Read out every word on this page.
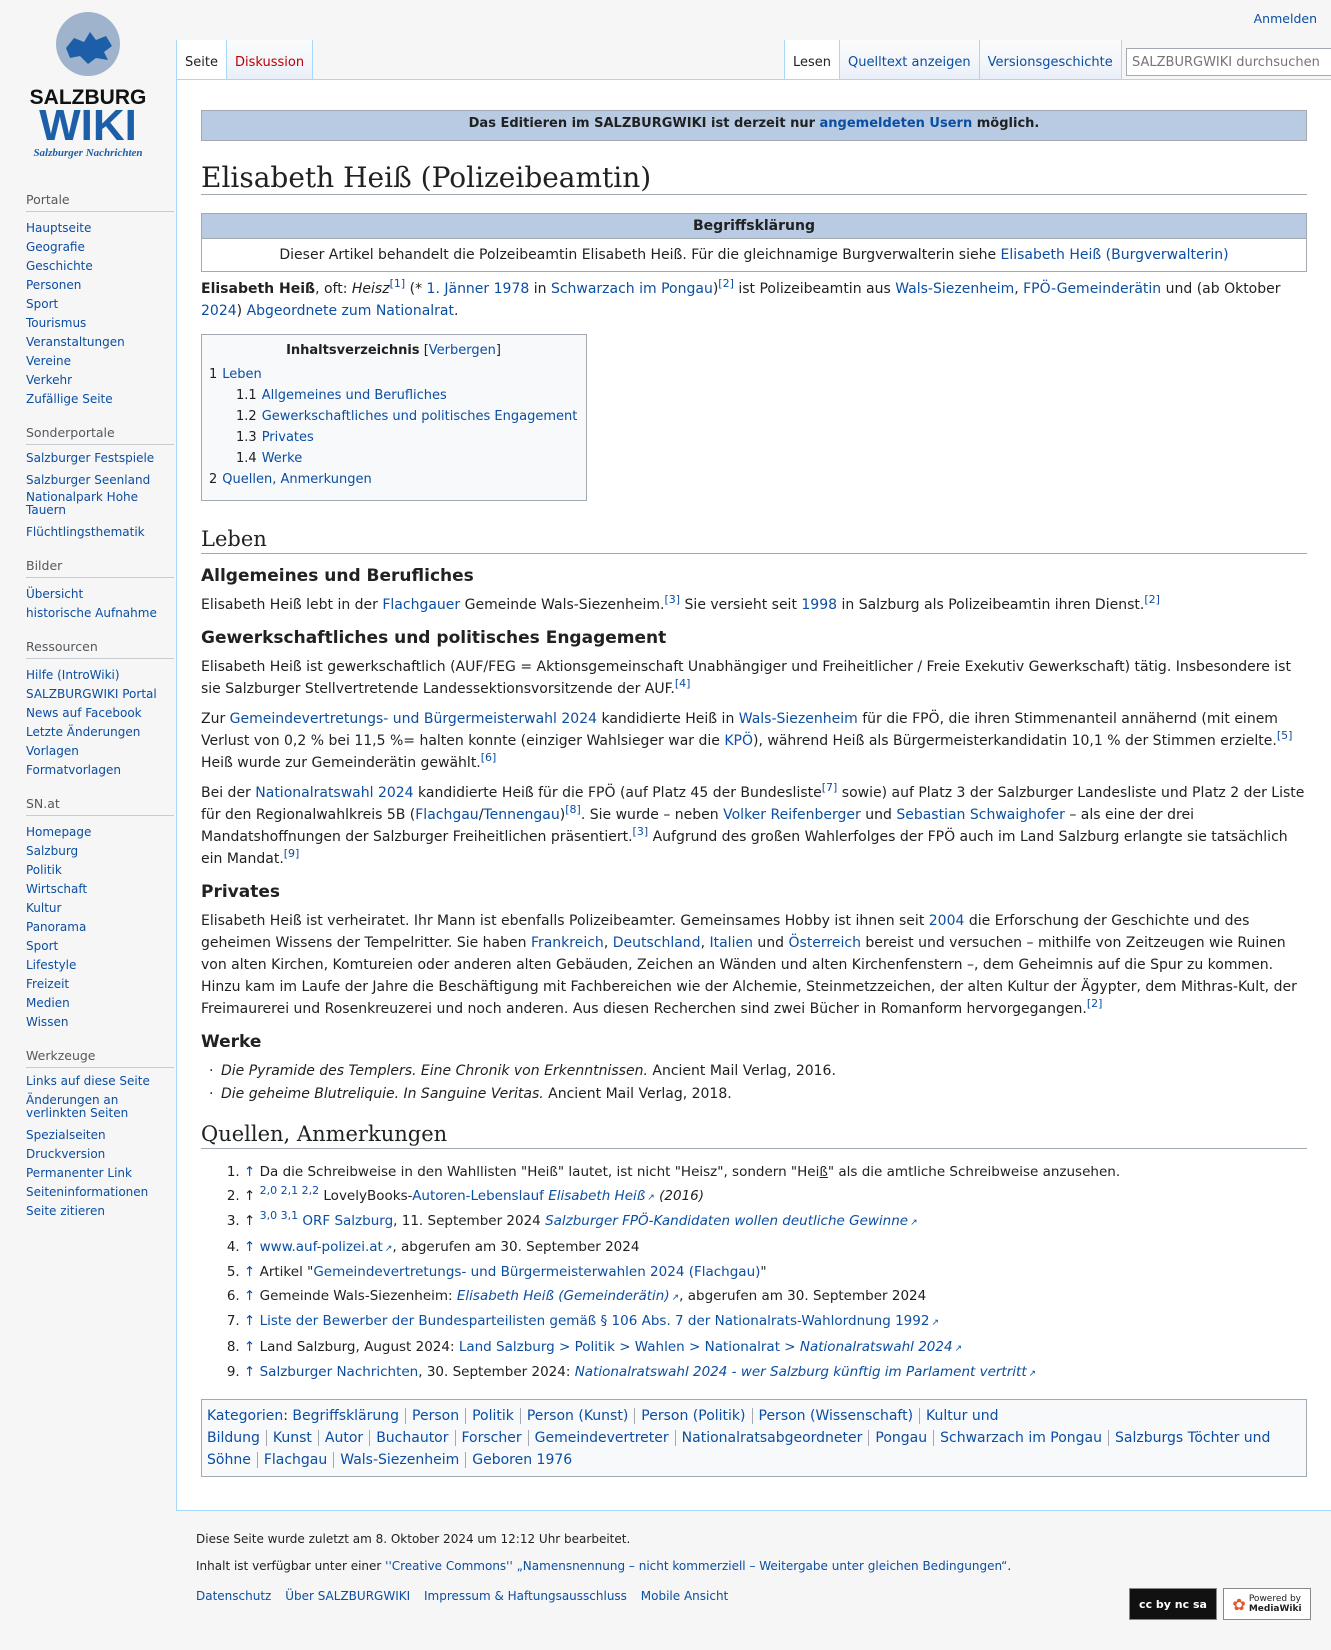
SALZBURG
WIKI
Salzburger Nachrichten
Anmelden
Seite	Diskussion	Lesen	Quelltext anzeigen	Versionsgeschichte
SALZBURGWIKI durchsuchen
Portale
Hauptseite
Geografie
Geschichte
Personen
Sport
Tourismus
Veranstaltungen
Vereine
Verkehr
Zufällige Seite
Sonderportale
Salzburger Festspiele
Salzburger Seenland
Nationalpark Hohe Tauern
Flüchtlingsthematik
Bilder
Übersicht
historische Aufnahme
Ressourcen
Hilfe (IntroWiki)
SALZBURGWIKI Portal
News auf Facebook
Letzte Änderungen
Vorlagen
Formatvorlagen
SN.at
Homepage
Salzburg
Politik
Wirtschaft
Kultur
Panorama
Sport
Lifestyle
Freizeit
Medien
Wissen
Werkzeuge
Links auf diese Seite
Änderungen an verlinkten Seiten
Spezialseiten
Druckversion
Permanenter Link
Seiteninformationen
Seite zitieren
Das Editieren im SALZBURGWIKI ist derzeit nur angemeldeten Usern möglich.
Elisabeth Heiß (Polizeibeamtin)
Begriffsklärung
Dieser Artikel behandelt die Polzeibeamtin Elisabeth Heiß. Für die gleichnamige Burgverwalterin siehe Elisabeth Heiß (Burgverwalterin)

Elisabeth Heiß, oft: Heisz[1] (* 1. Jänner 1978 in Schwarzach im Pongau)[2] ist Polizeibeamtin aus Wals-Siezenheim, FPÖ-Gemeinderätin und (ab Oktober 2024) Abgeordnete zum Nationalrat.

Inhaltsverzeichnis [Verbergen]
1 Leben
1.1 Allgemeines und Berufliches
1.2 Gewerkschaftliches und politisches Engagement
1.3 Privates
1.4 Werke
2 Quellen, Anmerkungen
Leben
Allgemeines und Berufliches

Elisabeth Heiß lebt in der Flachgauer Gemeinde Wals-Siezenheim.[3] Sie versieht seit 1998 in Salzburg als Polizeibeamtin ihren Dienst.[2]

Gewerkschaftliches und politisches Engagement

Elisabeth Heiß ist gewerkschaftlich (AUF/FEG = Aktionsgemeinschaft Unabhängiger und Freiheitlicher / Freie Exekutiv Gewerkschaft) tätig. Insbesondere ist sie Salzburger Stellvertretende Landessektionsvorsitzende der AUF.[4]

Zur Gemeindevertretungs- und Bürgermeisterwahl 2024 kandidierte Heiß in Wals-Siezenheim für die FPÖ, die ihren Stimmenanteil annähernd (mit einem Verlust von 0,2 % bei 11,5 %= halten konnte (einziger Wahlsieger war die KPÖ), während Heiß als Bürgermeisterkandidatin 10,1 % der Stimmen erzielte.[5] Heiß wurde zur Gemeinderätin gewählt.[6]

Bei der Nationalratswahl 2024 kandidierte Heiß für die FPÖ (auf Platz 45 der Bundesliste[7] sowie) auf Platz 3 der Salzburger Landesliste und Platz 2 der Liste für den Regionalwahlkreis 5B (Flachgau/Tennengau)[8]. Sie wurde – neben Volker Reifenberger und Sebastian Schwaighofer – als eine der drei Mandatshoffnungen der Salzburger Freiheitlichen präsentiert.[3] Aufgrund des großen Wahlerfolges der FPÖ auch im Land Salzburg erlangte sie tatsächlich ein Mandat.[9]

Privates

Elisabeth Heiß ist verheiratet. Ihr Mann ist ebenfalls Polizeibeamter. Gemeinsames Hobby ist ihnen seit 2004 die Erforschung der Geschichte und des geheimen Wissens der Tempelritter. Sie haben Frankreich, Deutschland, Italien und Österreich bereist und versuchen – mithilfe von Zeitzeugen wie Ruinen von alten Kirchen, Komtureien oder anderen alten Gebäuden, Zeichen an Wänden und alten Kirchenfenstern –, dem Geheimnis auf die Spur zu kommen. Hinzu kam im Laufe der Jahre die Beschäftigung mit Fachbereichen wie der Alchemie, Steinmetzzeichen, der alten Kultur der Ägypter, dem Mithras-Kult, der Freimaurerei und Rosenkreuzerei und noch anderen. Aus diesen Recherchen sind zwei Bücher in Romanform hervorgegangen.[2]

Werke
· Die Pyramide des Templers. Eine Chronik von Erkenntnissen. Ancient Mail Verlag, 2016.
· Die geheime Blutreliquie. In Sanguine Veritas. Ancient Mail Verlag, 2018.
Quellen, Anmerkungen
1. ↑ Da die Schreibweise in den Wahllisten "Heiß" lautet, ist nicht "Heisz", sondern "Heiß" als die amtliche Schreibweise anzusehen.
2. ↑ $^{2,0 2,1 2,2}$ LovelyBooks-Autoren-Lebenslauf Elisabeth Heiß ↗ (2016)
3. ↑ $^{3,0 3,1}$ ORF Salzburg, 11. September 2024 Salzburger FPÖ-Kandidaten wollen deutliche Gewinne ↗
4. ↑ www.auf-polizei.at ↗ , abgerufen am 30. September 2024
5. ↑ Artikel "Gemeindevertretungs- und Bürgermeisterwahlen 2024 (Flachgau)"
6. ↑ Gemeinde Wals-Siezenheim: Elisabeth Heiß (Gemeinderätin) ↗ , abgerufen am 30. September 2024
7. ↑ Liste der Bewerber der Bundesparteilisten gemäß § 106 Abs. 7 der Nationalrats-Wahlordnung 1992 ↗
8. ↑ Land Salzburg, August 2024: Land Salzburg > Politik > Wahlen > Nationalrat > Nationalratswahl 2024 ↗
9. ↑ Salzburger Nachrichten, 30. September 2024: Nationalratswahl 2024 - wer Salzburg künftig im Parlament vertritt ↗
Kategorien: Begriffsklärung Person Politik Person (Kunst) Person (Politik) Person (Wissenschaft) Kultur und Bildung Kunst Autor Buchautor Forscher Gemeindevertreter Nationalratsabgeordneter Pongau Schwarzach im Pongau Salzburgs Töchter und Söhne Flachgau Wals-Siezenheim Geboren 1976

Diese Seite wurde zuletzt am 8. Oktober 2024 um 12:12 Uhr bearbeitet.

Inhalt ist verfügbar unter einer ''Creative Commons'' „Namensnennung – nicht kommerziell – Weitergabe unter gleichen Bedingungen“.

Datenschutz Über SALZBURGWIKI Impressum & Haftungsausschluss Mobile Ansicht

cc by nc sa ✿ Powered by
MediaWiki
